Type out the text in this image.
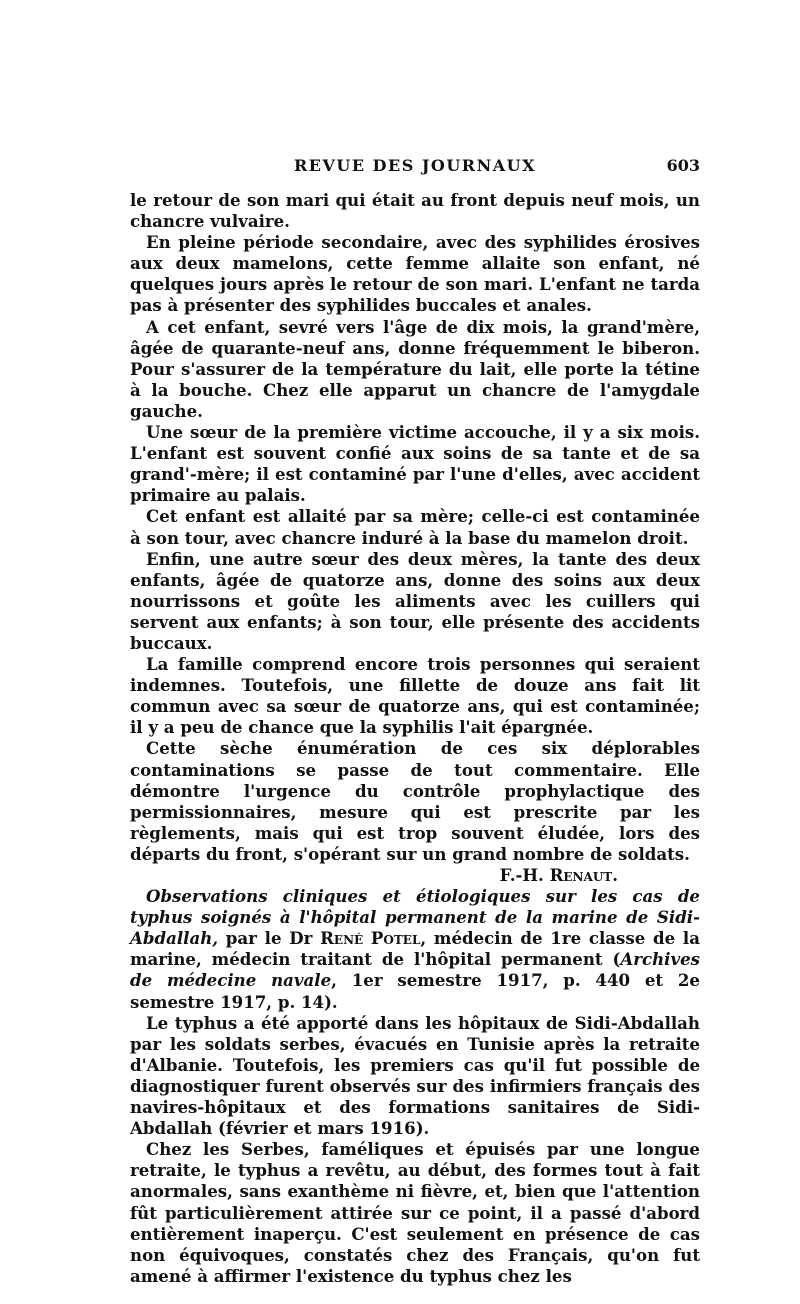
REVUE DES JOURNAUX	603

le retour de son mari qui était au front depuis neuf mois, un chancre vulvaire.

En pleine période secondaire, avec des syphilides érosives aux deux mamelons, cette femme allaite son enfant, né quelques jours après le retour de son mari. L'enfant ne tarda pas à présenter des syphilides buccales et anales.

A cet enfant, sevré vers l'âge de dix mois, la grand'mère, âgée de quarante-neuf ans, donne fréquemment le biberon. Pour s'assurer de la température du lait, elle porte la tétine à la bouche. Chez elle apparut un chancre de l'amygdale gauche.

Une sœur de la première victime accouche, il y a six mois. L'enfant est souvent confié aux soins de sa tante et de sa grand'-mère; il est contaminé par l'une d'elles, avec accident primaire au palais.

Cet enfant est allaité par sa mère; celle-ci est contaminée à son tour, avec chancre induré à la base du mamelon droit.

Enfin, une autre sœur des deux mères, la tante des deux enfants, âgée de quatorze ans, donne des soins aux deux nourrissons et goûte les aliments avec les cuillers qui servent aux enfants; à son tour, elle présente des accidents buccaux.

La famille comprend encore trois personnes qui seraient indemnes. Toutefois, une fillette de douze ans fait lit commun avec sa sœur de quatorze ans, qui est contaminée; il y a peu de chance que la syphilis l'ait épargnée.

Cette sèche énumération de ces six déplorables contaminations se passe de tout commentaire. Elle démontre l'urgence du contrôle prophylactique des permissionnaires, mesure qui est prescrite par les règlements, mais qui est trop souvent éludée, lors des départs du front, s'opérant sur un grand nombre de soldats.

F.-H. Renaut.

Observations cliniques et étiologiques sur les cas de typhus soignés à l'hôpital permanent de la marine de Sidi-Abdallah, par le Dr René Potel, médecin de 1re classe de la marine, médecin traitant de l'hôpital permanent (Archives de médecine navale, 1er semestre 1917, p. 440 et 2e semestre 1917, p. 14).

Le typhus a été apporté dans les hôpitaux de Sidi-Abdallah par les soldats serbes, évacués en Tunisie après la retraite d'Albanie. Toutefois, les premiers cas qu'il fut possible de diagnostiquer furent observés sur des infirmiers français des navires-hôpitaux et des formations sanitaires de Sidi-Abdallah (février et mars 1916).

Chez les Serbes, faméliques et épuisés par une longue retraite, le typhus a revêtu, au début, des formes tout à fait anormales, sans exanthème ni fièvre, et, bien que l'attention fût particulièrement attirée sur ce point, il a passé d'abord entièrement inaperçu. C'est seulement en présence de cas non équivoques, constatés chez des Français, qu'on fut amené à affirmer l'existence du typhus chez les
